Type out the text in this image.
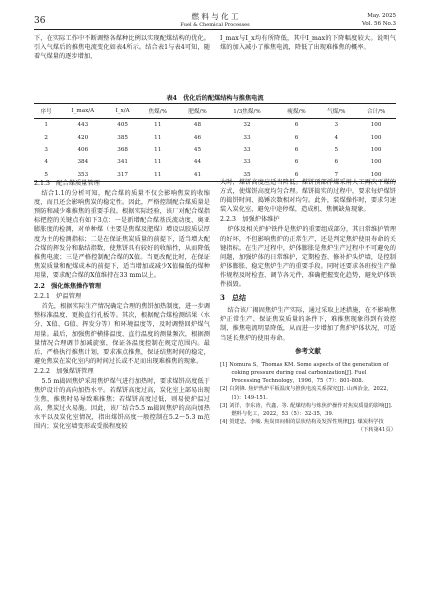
36	燃 料 与 化 工
Fuel & Chemical Processes
May. 2025
Vol. 56 No.3

下，在实际工作中不断调整各煤种比例以实现配煤结构的优化。引入气煤后的推焦电流变化如表4所示。结合表1与表4可知，随着气煤量的逐步增加，

I_max与I_x均有所降低，其中I_max的下降幅度较大。说明气煤的加入减小了推焦电流，降低了出现难推焦的概率。

表4　优化后的配煤结构与推焦电流
序号	I_max/A	I_x/A	焦煤/%	肥煤/%	1/3焦煤/%	瘦煤/%	气煤/%	合计/%
1	443	405	11	48	32	6	3	100
2	420	385	11	46	33	6	4	100
3	406	368	11	45	33	6	5	100
4	384	341	11	44	33	6	6	100
5	353	317	11	41	35	6	7	100
2.1.3　配合煤质量管理

结合1.1的分析可知，配合煤的质量不仅会影响焦炭的收缩度，而且还会影响焦炭的稳定性。因此，严格控制配合煤质量是预防和减少难推焦的重要手段。根据实际经验，该厂对配合煤指标把控的关键点有如下3点：一是新增配合煤基氏流动度、奥亚膨胀度的检测，对单种煤（主要是焦煤及肥煤）增设以胶质层厚度为主的检测指标；二是在保证焦炭质量的前提下，适当增大配合煤的挥发分和黏结指数，使焦饼具有较好的收缩性，从而降低推焦电流；三是严格控制配合煤的X值。当更改配比时，在保证焦炭质量和配煤成本的前提下，适当增加或减少X值偏低的煤种用量，要求配合煤的X值维持在33 mm以上。

2.2　强化炼焦操作管理
2.2.1　炉温管理

首先，根据实际生产情况确定合理的焦饼加热制度，进一步调整标准温度、更换直行孔板等。其次，根据配合煤检测结果（水分、X值、G值、挥发分等）和环境温度等，及时调整回炉煤气用量。最后，加强焦炉横排温度、直行温度的测量频次，根据测量情况合理调节加减旋塞，保证各温度控制在规定范围内。最后，严格执行推焦计划，要求准点推焦，保证结焦时间的稳定，避免焦炭在炭化室内的时间过长或不足而出现难推焦的现象。

2.2.2　加强煤饼管理

5.5 m捣固焦炉采用焦炉煤气进行加热时，要求煤饼高度低于焦炉设计的高向加热水平。若煤饼高度过高，炭化室上部易出现生焦，推焦时易导致难推焦；若煤饼高度过低，则易使炉温过高，焦炭过火易脆。因此，该厂结合5.5 m捣固焦炉的高向加热水平以及炭化室情况，指出煤饼高度一般控制在5.2～5.3 m范围内；炭化室墙变形或受损程度较

大时，煤饼高度应适当降低。煤饼顶部浮煤采用人工再次平煤的方式，使煤饼高度均匀合理。煤饼捣实的过程中，要求每炉煤饼的捣饼时间、捣锤次数相对均匀。此外，装煤操作时，要求匀速装入炭化室，避免中途停煤，造成机、焦侧缺角现象。

2.2.3　加强炉体维护

炉体及相关炉护铁件是焦炉的重要组成部分，其日常维护管理的好坏，不但影响焦炉的正常生产，还是判定焦炉使用寿命的关键指标。在生产过程中，炉体膨胀是焦炉生产过程中不可避免的问题，加强炉体的日常维护，定期检查、修补炉头炉墙，是控制炉体膨胀、稳定焦炉生产的重要手段。同时还要求各班按生产操作规程及时检查、调节各元件，准确把握变化趋势，避免炉体铁件损毁。

3　总结

结合该厂揭固焦炉生产实际，通过采取上述措施，在不影响焦炉正常生产、保证焦炭质量的条件下，难推焦现象得到有效控制，推焦电流明显降低，从而进一步增加了焦炉炉体状况，可适当延长焦炉的使用寿命。

参考文献

[1] Nomura S，Thomas KM. Some aspects of the generation of coking pressure during coal carbonization[J]. Fuel Processing Technology，1996，75（7）：801-808.

[2] 白剑锋. 焦炉热炉平板温度与推焦电流关系探究[J]. 山西冶金，2022，(1)：149-151.

[3] 刘洋，李东涛，代鑫，等. 配煤结构与炼焦炉操作对焦炭质量的影响[J]. 燃料与化工，2022，53（5）：32-35，39.

[4] 贺建忠，李峻. 焦炭田间相的层状结构及发挥性规律[J]. 煤炭科学技

（下转第41页）
